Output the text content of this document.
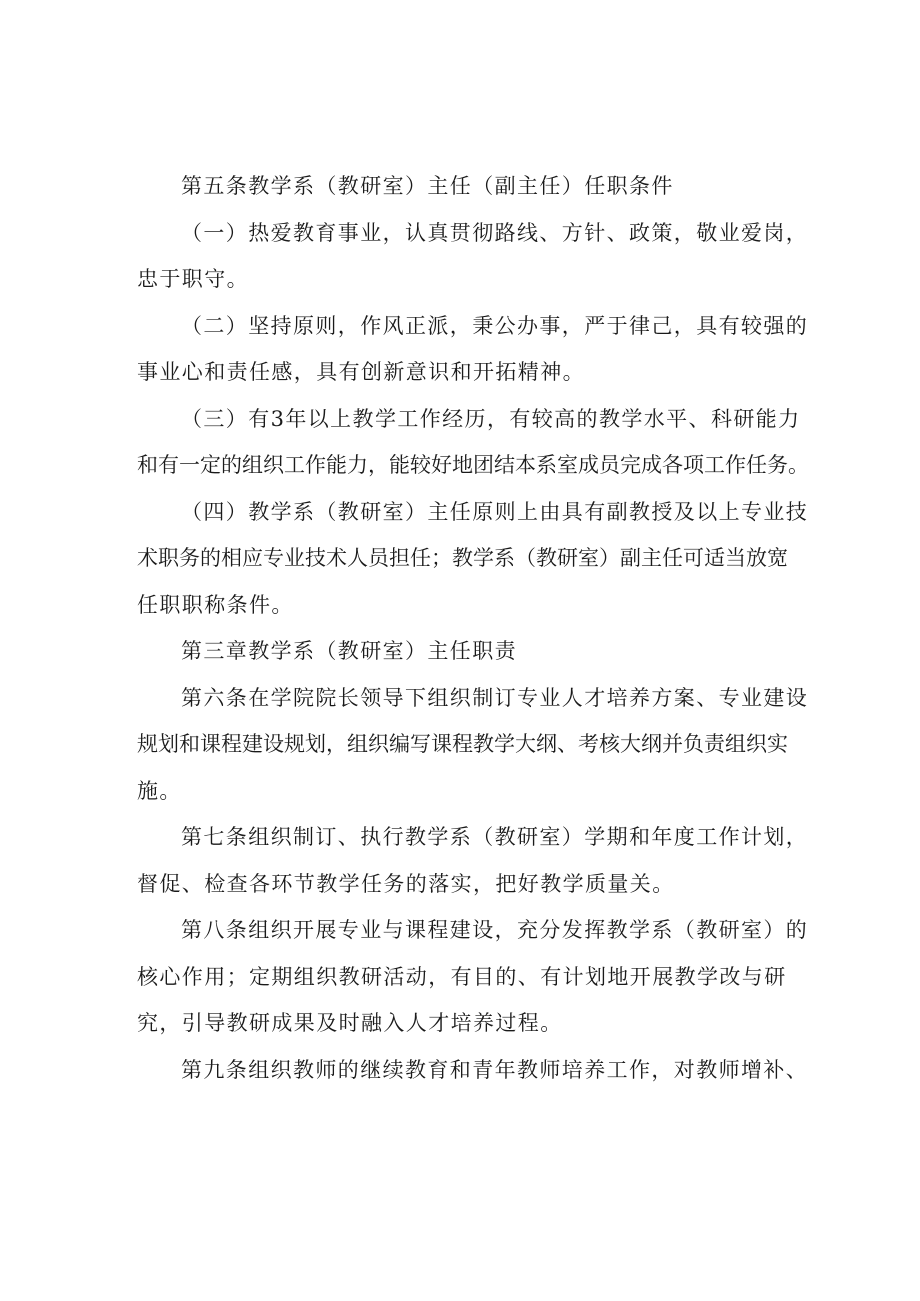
第五条教学系（教研室）主任（副主任）任职条件
（一）热爱教育事业，认真贯彻路线、方针、政策，敬业爱岗，
忠于职守。
（二）坚持原则，作风正派，秉公办事，严于律己，具有较强的
事业心和责任感，具有创新意识和开拓精神。
（三）有3年以上教学工作经历，有较高的教学水平、科研能力
和有一定的组织工作能力，能较好地团结本系室成员完成各项工作任务。
（四）教学系（教研室）主任原则上由具有副教授及以上专业技
术职务的相应专业技术人员担任；教学系（教研室）副主任可适当放宽
任职职称条件。
第三章教学系（教研室）主任职责
第六条在学院院长领导下组织制订专业人才培养方案、专业建设
规划和课程建设规划，组织编写课程教学大纲、考核大纲并负责组织实
施。
第七条组织制订、执行教学系（教研室）学期和年度工作计划，
督促、检查各环节教学任务的落实，把好教学质量关。
第八条组织开展专业与课程建设，充分发挥教学系（教研室）的
核心作用；定期组织教研活动，有目的、有计划地开展教学改与研
究，引导教研成果及时融入人才培养过程。
第九条组织教师的继续教育和青年教师培养工作，对教师增补、
